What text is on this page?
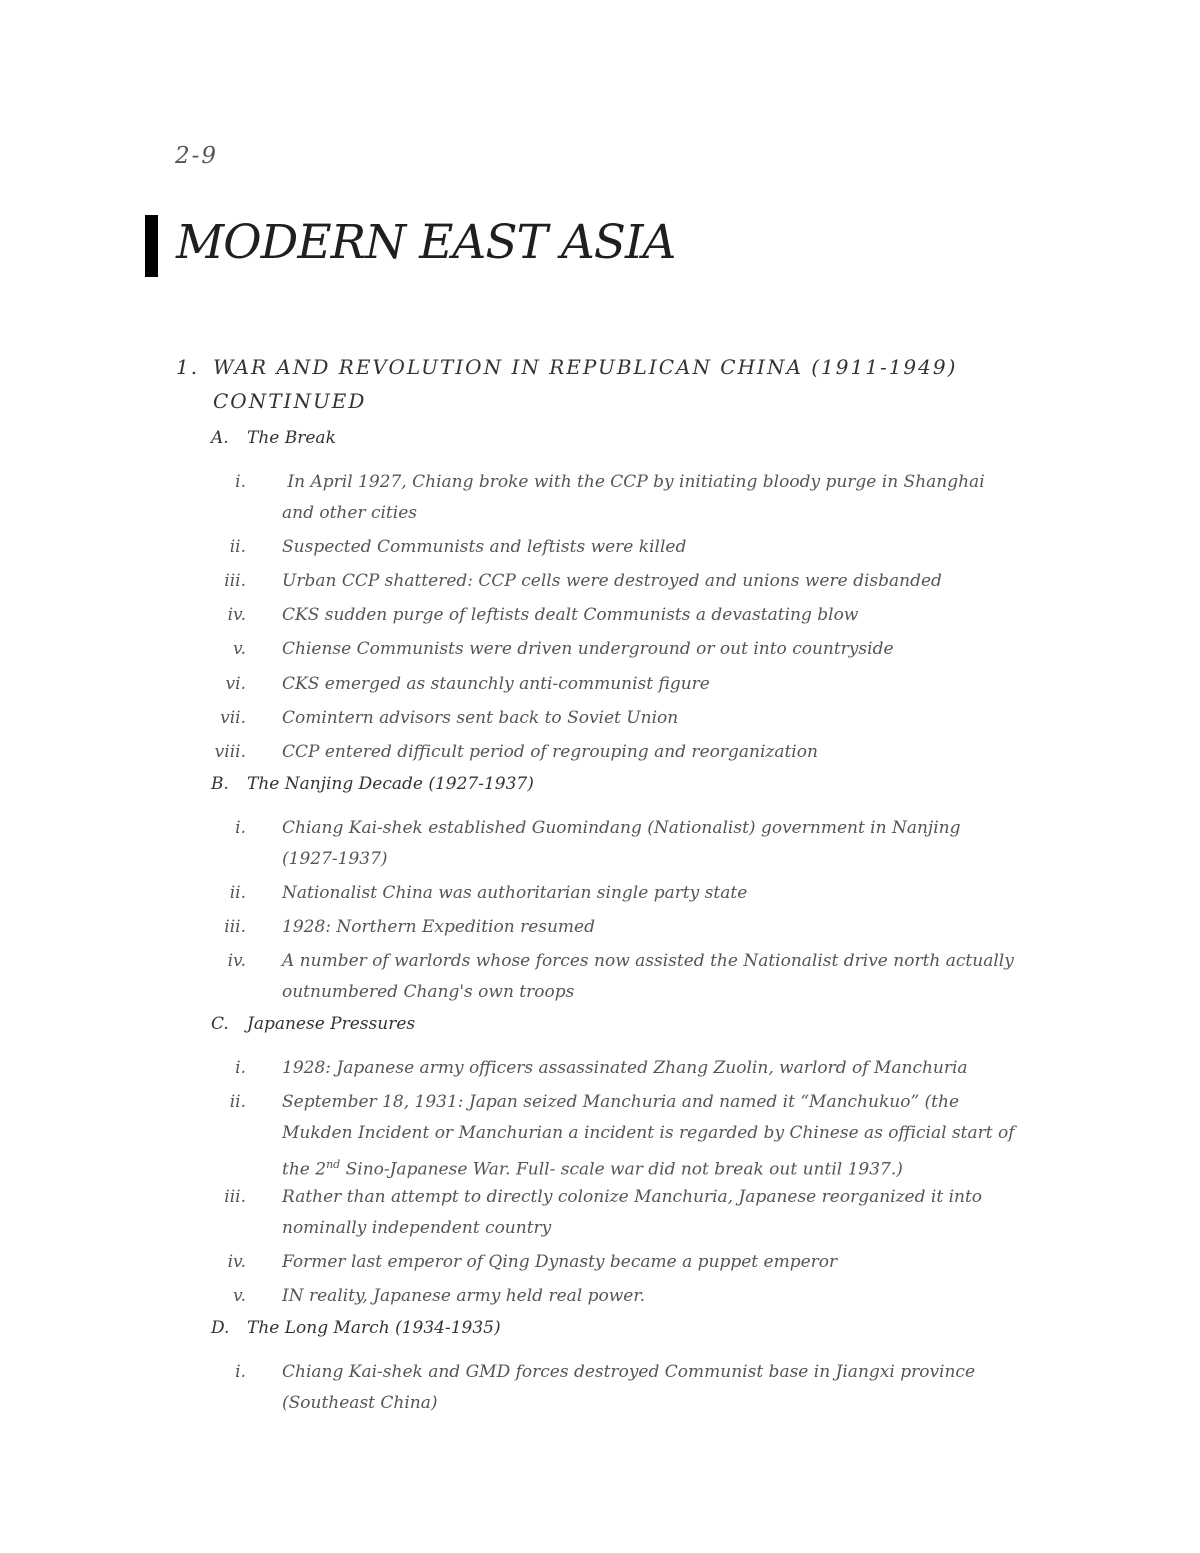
2-9
MODERN EAST ASIA
1. WAR AND REVOLUTION IN REPUBLICAN CHINA (1911-1949)
CONTINUED
A. The Break
i. In April 1927, Chiang broke with the CCP by initiating bloody purge in Shanghai and other cities
ii. Suspected Communists and leftists were killed
iii. Urban CCP shattered: CCP cells were destroyed and unions were disbanded
iv. CKS sudden purge of leftists dealt Communists a devastating blow
v. Chiense Communists were driven underground or out into countryside
vi. CKS emerged as staunchly anti-communist figure
vii. Comintern advisors sent back to Soviet Union
viii. CCP entered difficult period of regrouping and reorganization
B. The Nanjing Decade (1927-1937)
i. Chiang Kai-shek established Guomindang (Nationalist) government in Nanjing (1927-1937)
ii. Nationalist China was authoritarian single party state
iii. 1928: Northern Expedition resumed
iv. A number of warlords whose forces now assisted the Nationalist drive north actually outnumbered Chang's own troops
C. Japanese Pressures
i. 1928: Japanese army officers assassinated Zhang Zuolin, warlord of Manchuria
ii. September 18, 1931: Japan seized Manchuria and named it “Manchukuo” (the Mukden Incident or Manchurian a incident is regarded by Chinese as official start of the 2nd Sino-Japanese War. Full- scale war did not break out until 1937.)
iii. Rather than attempt to directly colonize Manchuria, Japanese reorganized it into nominally independent country
iv. Former last emperor of Qing Dynasty became a puppet emperor
v. IN reality, Japanese army held real power.
D. The Long March (1934-1935)
i. Chiang Kai-shek and GMD forces destroyed Communist base in Jiangxi province (Southeast China)
